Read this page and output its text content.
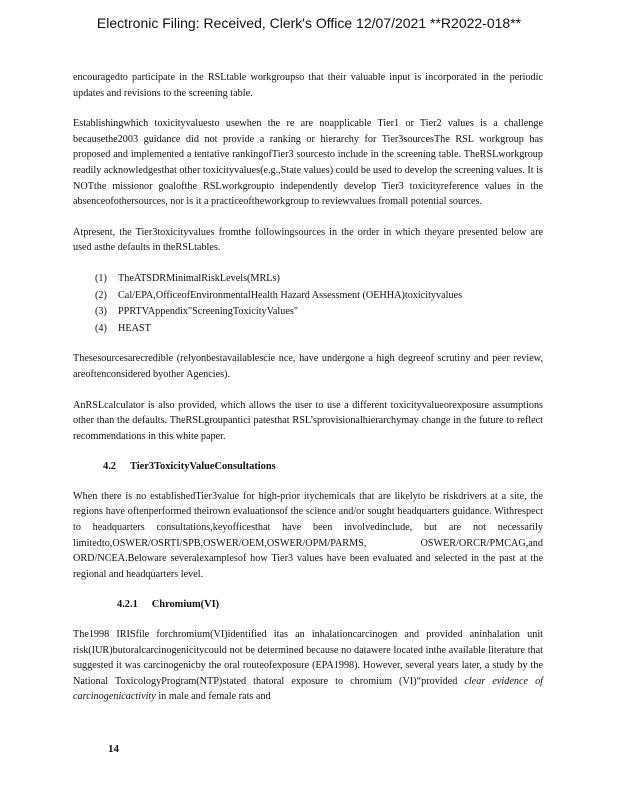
Electronic Filing: Received, Clerk's Office 12/07/2021 **R2022-018**

encouragedto participate in the RSLtable workgroupso that their valuable input is incorporated in the periodic updates and revisions to the screening table.

Establishingwhich toxicityvaluesto usewhen the re are noapplicable Tier1 or Tier2 values is a challenge becausethe2003 guidance did not provide a ranking or hierarchy for Tier3sourcesThe RSL workgroup has proposed and implemented a tentative rankingofTier3 sourcesto include in the screening table. TheRSLworkgroup readily acknowledgesthat other toxicityvalues(e.g.,State values) could be used to develop the screening values. It is NOTthe missionor goalofthe RSLworkgroupto independently develop Tier3 toxicityreference values in the absenceofothersources, nor is it a practiceoftheworkgroup to reviewvalues fromall potential sources.

Atpresent, the Tier3toxicityvalues fromthe followingsources in the order in which theyare presented below are used asthe defaults in theRSLtables.

(1) TheATSDRMinimalRiskLevels(MRLs)
(2) Cal/EPA,OfficeofEnvironmentalHealth Hazard Assessment (OEHHA)toxicityvalues
(3) PPRTVAppendix"ScreeningToxicityValues"
(4) HEAST

Thesesourcesarecredible (relyonbestavailablescie nce, have undergone a high degreeof scrutiny and peer review, areoftenconsidered byother Agencies).

AnRSLcalculator is also provided, which allows the user to use a different toxicityvalueorexposure assumptions other than the defaults. TheRSLgroupantici patesthat RSL’sprovisionalhierarchymay change in the future to reflect recommendations in this white paper.

4.2 Tier3ToxicityValueConsultations

When there is no establishedTier3value for high-prior itychemicals that are likelyto be riskdrivers at a site, the regions have oftenperformed theirown evaluationsof the science and/or sought headquarters guidance. Withrespect to headquarters consultations,keyofficesthat have been involvedinclude, but are not necessarily limitedto,OSWER/OSRTI/SPB,OSWER/OEM,OSWER/OPM/PARMS, OSWER/ORCR/PMCAG,and ORD/NCEA.Beloware severalexamplesof how Tier3 values have been evaluated and selected in the past at the regional and headquarters level.

4.2.1 Chromium(VI)

The1998 IRISfile forchromium(VI)identified itas an inhalationcarcinogen and provided aninhalation unit risk(IUR)butoralcarcinogenicitycould not be determined because no datawere located inthe available literature that suggested it was carcinogenicby the oral routeofexposure (EPA1998). However, several years later, a study by the National ToxicologyProgram(NTP)stated thatoral exposure to chromium (VI)“provided clear evidence of carcinogenicactivity in male and female rats and

14
